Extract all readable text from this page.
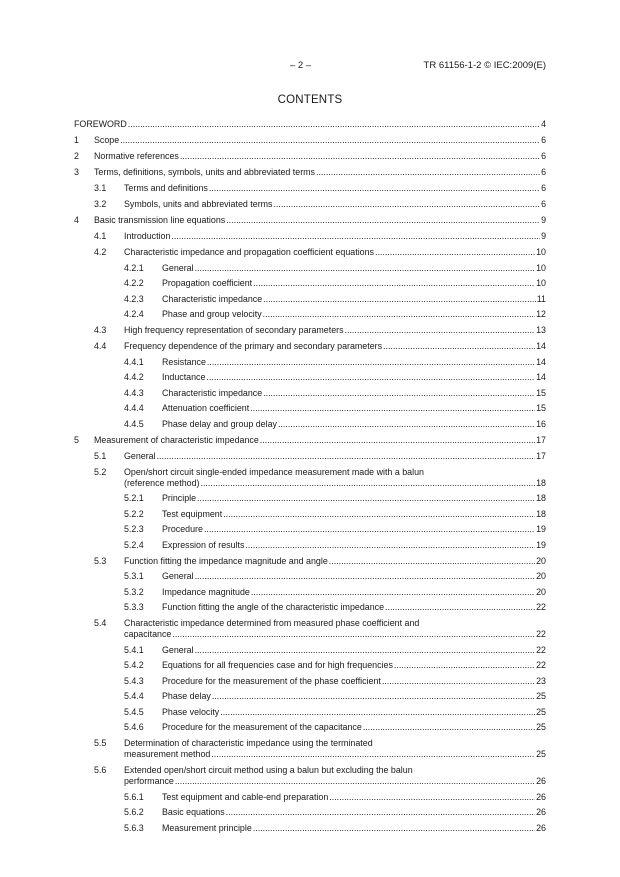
– 2 –	TR 61156-1-2 © IEC:2009(E)
CONTENTS
FOREWORD .....	4
1 Scope .....	6
2 Normative references .....	6
3 Terms, definitions, symbols, units and abbreviated terms .....	6
3.1 Terms and definitions .....	6
3.2 Symbols, units and abbreviated terms .....	6
4 Basic transmission line equations .....	9
4.1 Introduction .....	9
4.2 Characteristic impedance and propagation coefficient equations .....	10
4.2.1 General .....	10
4.2.2 Propagation coefficient .....	10
4.2.3 Characteristic impedance .....	11
4.2.4 Phase and group velocity .....	12
4.3 High frequency representation of secondary parameters .....	13
4.4 Frequency dependence of the primary and secondary parameters .....	14
4.4.1 Resistance .....	14
4.4.2 Inductance .....	14
4.4.3 Characteristic impedance .....	15
4.4.4 Attenuation coefficient .....	15
4.4.5 Phase delay and group delay .....	16
5 Measurement of characteristic impedance .....	17
5.1 General .....	17
5.2 Open/short circuit single-ended impedance measurement made with a balun
(reference method) .....	18
5.2.1 Principle .....	18
5.2.2 Test equipment .....	18
5.2.3 Procedure .....	19
5.2.4 Expression of results .....	19
5.3 Function fitting the impedance magnitude and angle .....	20
5.3.1 General .....	20
5.3.2 Impedance magnitude .....	20
5.3.3 Function fitting the angle of the characteristic impedance .....	22
5.4 Characteristic impedance determined from measured phase coefficient and
capacitance .....	22
5.4.1 General .....	22
5.4.2 Equations for all frequencies case and for high frequencies .....	22
5.4.3 Procedure for the measurement of the phase coefficient .....	23
5.4.4 Phase delay .....	25
5.4.5 Phase velocity .....	25
5.4.6 Procedure for the measurement of the capacitance .....	25
5.5 Determination of characteristic impedance using the terminated
measurement method .....	25
5.6 Extended open/short circuit method using a balun but excluding the balun
performance .....	26
5.6.1 Test equipment and cable-end preparation .....	26
5.6.2 Basic equations .....	26
5.6.3 Measurement principle .....	26
